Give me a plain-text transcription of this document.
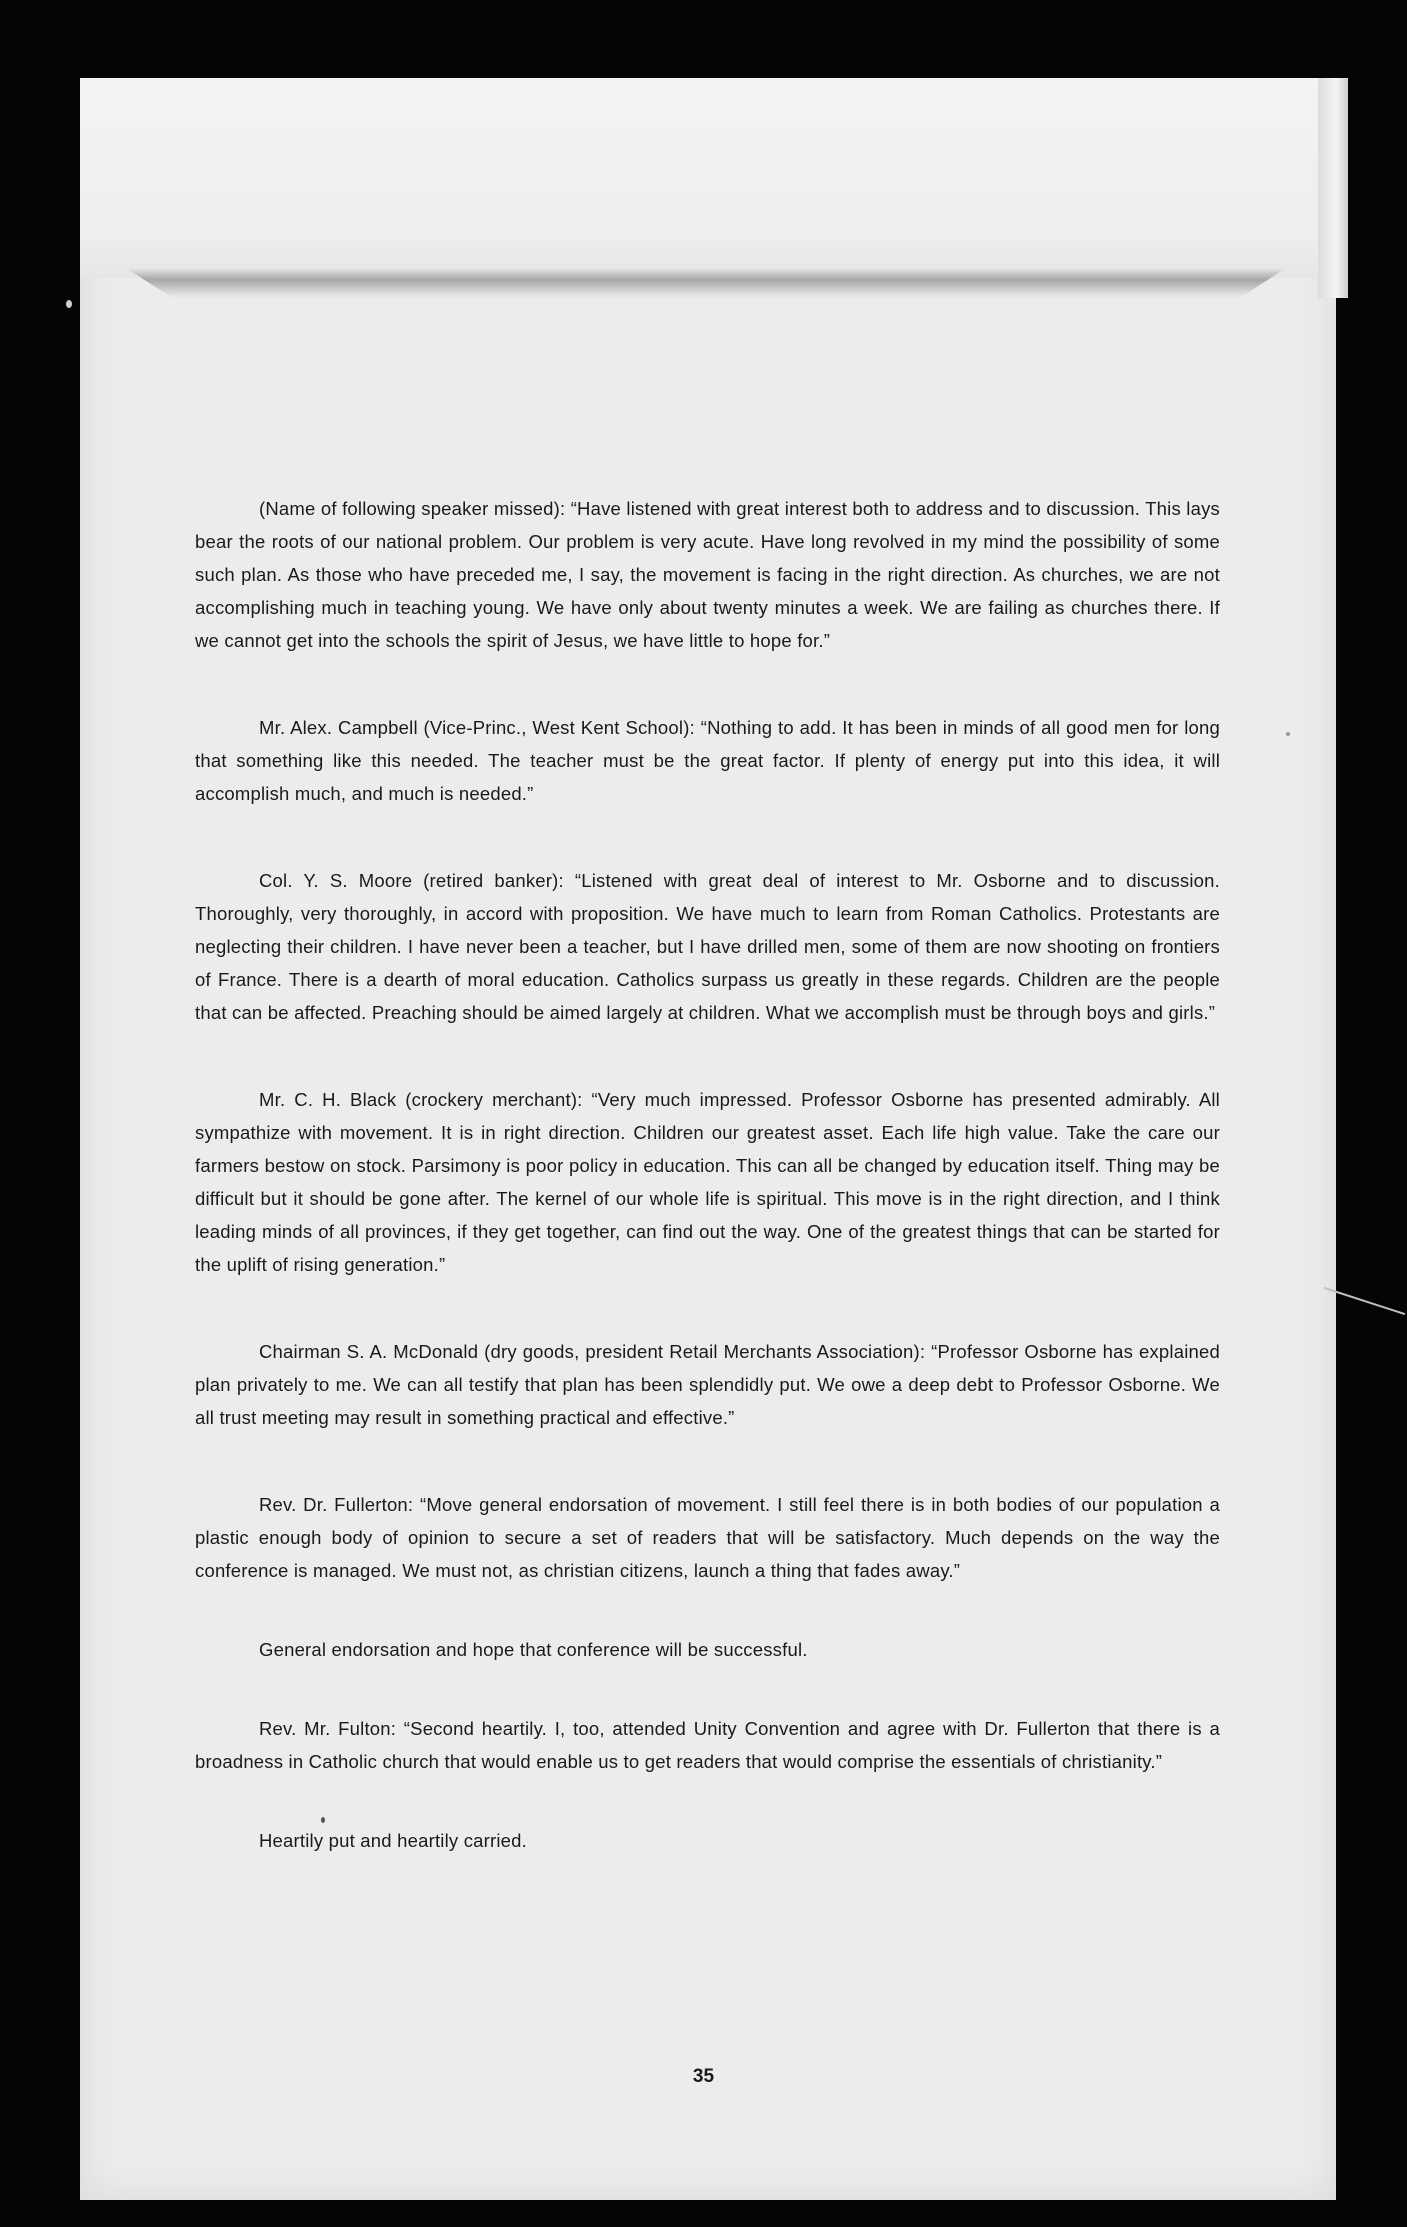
(Name of following speaker missed): “Have listened with great interest both to address and to discussion. This lays bear the roots of our national problem. Our problem is very acute. Have long revolved in my mind the possibility of some such plan. As those who have preceded me, I say, the movement is facing in the right direction. As churches, we are not accomplishing much in teaching young. We have only about twenty minutes a week. We are failing as churches there. If we cannot get into the schools the spirit of Jesus, we have little to hope for.”

Mr. Alex. Campbell (Vice-Princ., West Kent School): “Nothing to add. It has been in minds of all good men for long that something like this needed. The teacher must be the great factor. If plenty of energy put into this idea, it will accomplish much, and much is needed.”

Col. Y. S. Moore (retired banker): “Listened with great deal of interest to Mr. Osborne and to discussion. Thoroughly, very thoroughly, in accord with proposition. We have much to learn from Roman Catholics. Protestants are neglecting their children. I have never been a teacher, but I have drilled men, some of them are now shooting on frontiers of France. There is a dearth of moral education. Catholics surpass us greatly in these regards. Children are the people that can be affected. Preaching should be aimed largely at children. What we accomplish must be through boys and girls.”

Mr. C. H. Black (crockery merchant): “Very much impressed. Professor Osborne has presented admirably. All sympathize with movement. It is in right direction. Children our greatest asset. Each life high value. Take the care our farmers bestow on stock. Parsimony is poor policy in education. This can all be changed by education itself. Thing may be difficult but it should be gone after. The kernel of our whole life is spiritual. This move is in the right direction, and I think leading minds of all provinces, if they get together, can find out the way. One of the greatest things that can be started for the uplift of rising generation.”

Chairman S. A. McDonald (dry goods, president Retail Merchants Association): “Professor Osborne has explained plan privately to me. We can all testify that plan has been splendidly put. We owe a deep debt to Professor Osborne. We all trust meeting may result in something practical and effective.”

Rev. Dr. Fullerton: “Move general endorsation of movement. I still feel there is in both bodies of our population a plastic enough body of opinion to secure a set of readers that will be satisfactory. Much depends on the way the conference is managed. We must not, as christian citizens, launch a thing that fades away.”

General endorsation and hope that conference will be successful.

Rev. Mr. Fulton: “Second heartily. I, too, attended Unity Convention and agree with Dr. Fullerton that there is a broadness in Catholic church that would enable us to get readers that would comprise the essentials of christianity.”

Heartily put and heartily carried.

35
